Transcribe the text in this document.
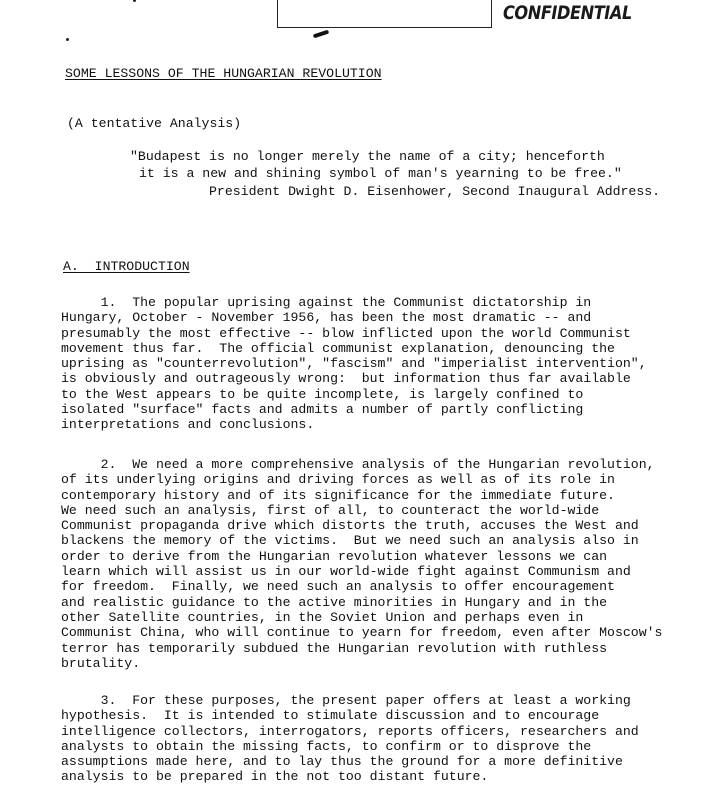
CONFIDENTIAL
SOME LESSONS OF THE HUNGARIAN REVOLUTION
(A tentative Analysis)
"Budapest is no longer merely the name of a city; henceforth
it is a new and shining symbol of man's yearning to be free."
President Dwight D. Eisenhower, Second Inaugural Address.
A.  INTRODUCTION
1.  The popular uprising against the Communist dictatorship in
Hungary, October - November 1956, has been the most dramatic -- and
presumably the most effective -- blow inflicted upon the world Communist
movement thus far.  The official communist explanation, denouncing the
uprising as "counterrevolution", "fascism" and "imperialist intervention",
is obviously and outrageously wrong:  but information thus far available
to the West appears to be quite incomplete, is largely confined to
isolated "surface" facts and admits a number of partly conflicting
interpretations and conclusions.
2.  We need a more comprehensive analysis of the Hungarian revolution,
of its underlying origins and driving forces as well as of its role in
contemporary history and of its significance for the immediate future.
We need such an analysis, first of all, to counteract the world-wide
Communist propaganda drive which distorts the truth, accuses the West and
blackens the memory of the victims.  But we need such an analysis also in
order to derive from the Hungarian revolution whatever lessons we can
learn which will assist us in our world-wide fight against Communism and
for freedom.  Finally, we need such an analysis to offer encouragement
and realistic guidance to the active minorities in Hungary and in the
other Satellite countries, in the Soviet Union and perhaps even in
Communist China, who will continue to yearn for freedom, even after Moscow's
terror has temporarily subdued the Hungarian revolution with ruthless
brutality.
3.  For these purposes, the present paper offers at least a working
hypothesis.  It is intended to stimulate discussion and to encourage
intelligence collectors, interrogators, reports officers, researchers and
analysts to obtain the missing facts, to confirm or to disprove the
assumptions made here, and to lay thus the ground for a more definitive
analysis to be prepared in the not too distant future.
